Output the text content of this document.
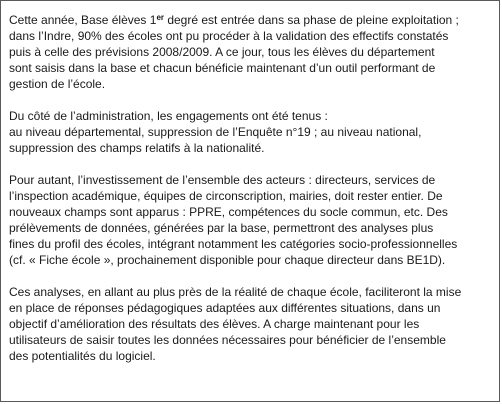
Cette année, Base élèves 1er degré est entrée dans sa phase de pleine exploitation ;
dans l’Indre, 90% des écoles ont pu procéder à la validation des effectifs constatés
puis à celle des prévisions 2008/2009. A ce jour, tous les élèves du département
sont saisis dans la base et chacun bénéficie maintenant d’un outil performant de
gestion de l’école.
Du côté de l’administration, les engagements ont été tenus :
au niveau départemental, suppression de l’Enquête n°19 ; au niveau national,
suppression des champs relatifs à la nationalité.
Pour autant, l’investissement de l’ensemble des acteurs : directeurs, services de
l’inspection académique, équipes de circonscription, mairies, doit rester entier. De
nouveaux champs sont apparus : PPRE, compétences du socle commun, etc. Des
prélèvements de données, générées par la base, permettront des analyses plus
fines du profil des écoles, intégrant notamment les catégories socio-professionnelles
(cf. « Fiche école », prochainement disponible pour chaque directeur dans BE1D).
Ces analyses, en allant au plus près de la réalité de chaque école, faciliteront la mise
en place de réponses pédagogiques adaptées aux différentes situations, dans un
objectif d’amélioration des résultats des élèves. A charge maintenant pour les
utilisateurs de saisir toutes les données nécessaires pour bénéficier de l’ensemble
des potentialités du logiciel.
